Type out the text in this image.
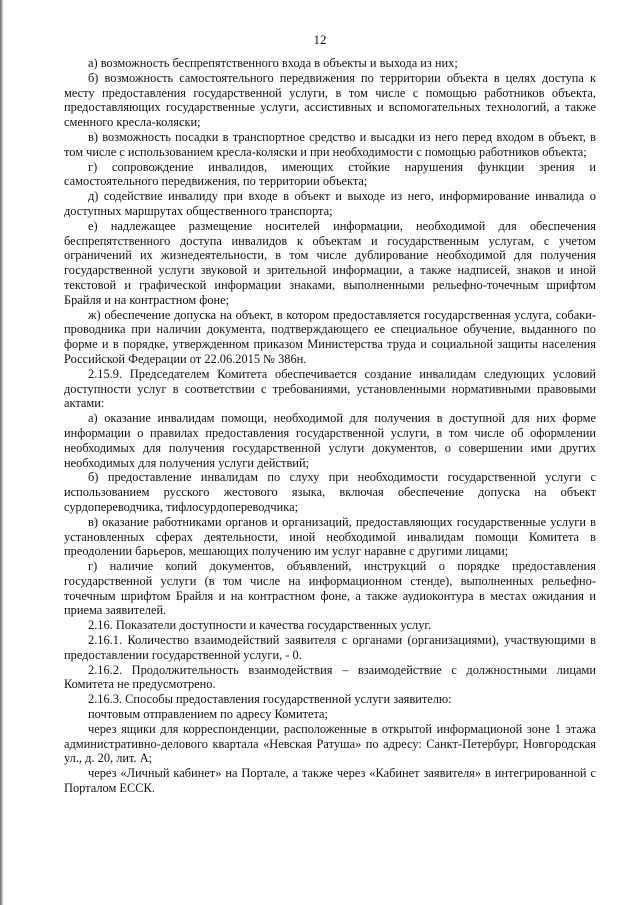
12

а) возможность беспрепятственного входа в объекты и выхода из них;

б) возможность самостоятельного передвижения по территории объекта в целях доступа к месту предоставления государственной услуги, в том числе с помощью работников объекта, предоставляющих государственные услуги, ассистивных и вспомогательных технологий, а также сменного кресла-коляски;

в) возможность посадки в транспортное средство и высадки из него перед входом в объект, в том числе с использованием кресла-коляски и при необходимости с помощью работников объекта;

г) сопровождение инвалидов, имеющих стойкие нарушения функции зрения и самостоятельного передвижения, по территории объекта;

д) содействие инвалиду при входе в объект и выходе из него, информирование инвалида о доступных маршрутах общественного транспорта;

е) надлежащее размещение носителей информации, необходимой для обеспечения беспрепятственного доступа инвалидов к объектам и государственным услугам, с учетом ограничений их жизнедеятельности, в том числе дублирование необходимой для получения государственной услуги звуковой и зрительной информации, а также надписей, знаков и иной текстовой и графической информации знаками, выполненными рельефно-точечным шрифтом Брайля и на контрастном фоне;

ж) обеспечение допуска на объект, в котором предоставляется государственная услуга, собаки-проводника при наличии документа, подтверждающего ее специальное обучение, выданного по форме и в порядке, утвержденном приказом Министерства труда и социальной защиты населения Российской Федерации от 22.06.2015 № 386н.

2.15.9. Председателем Комитета обеспечивается создание инвалидам следующих условий доступности услуг в соответствии с требованиями, установленными нормативными правовыми актами:

а) оказание инвалидам помощи, необходимой для получения в доступной для них форме информации о правилах предоставления государственной услуги, в том числе об оформлении необходимых для получения государственной услуги документов, о совершении ими других необходимых для получения услуги действий;

б) предоставление инвалидам по слуху при необходимости государственной услуги с использованием русского жестового языка, включая обеспечение допуска на объект сурдопереводчика, тифлосурдопереводчика;

в) оказание работниками органов и организаций, предоставляющих государственные услуги в установленных сферах деятельности, иной необходимой инвалидам помощи Комитета в преодолении барьеров, мешающих получению им услуг наравне с другими лицами;

г) наличие копий документов, объявлений, инструкций о порядке предоставления государственной услуги (в том числе на информационном стенде), выполненных рельефно-точечным шрифтом Брайля и на контрастном фоне, а также аудиоконтура в местах ожидания и приема заявителей.

2.16. Показатели доступности и качества государственных услуг.

2.16.1. Количество взаимодействий заявителя с органами (организациями), участвующими в предоставлении государственной услуги, - 0.

2.16.2. Продолжительность взаимодействия – взаимодействие с должностными лицами Комитета не предусмотрено.

2.16.3. Способы предоставления государственной услуги заявителю:

почтовым отправлением по адресу Комитета;

через ящики для корреспонденции, расположенные в открытой информационой зоне 1 этажа административно-делового квартала «Невская Ратуша» по адресу: Санкт-Петербург, Новгородская ул., д. 20, лит. А;

через «Личный кабинет» на Портале, а также через «Кабинет заявителя» в интегрированной с Порталом ЕССК.
